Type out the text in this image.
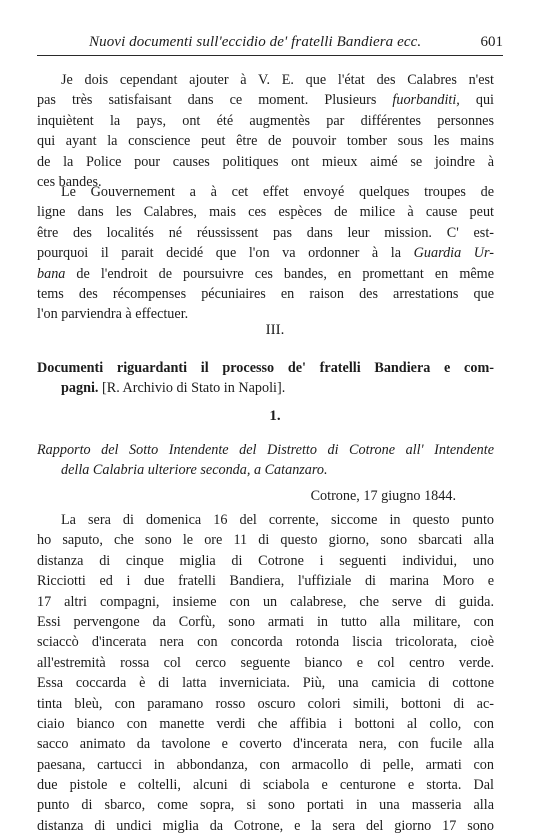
Nuovi documenti sull'eccidio de' fratelli Bandiera ecc.	601
Je dois cependant ajouter à V. E. que l'état des Calabres n'est
pas très satisfaisant dans ce moment. Plusieurs fuorbanditi, qui
inquiètent la pays, ont été augmentès par différentes personnes
qui ayant la conscience peut être de pouvoir tomber sous les mains
de la Police pour causes politiques ont mieux aimé se joindre à
ces bandes.
Le Gouvernement a à cet effet envoyé quelques troupes de
ligne dans les Calabres, mais ces espèces de milice à cause peut
être des localités né réussissent pas dans leur mission. C' est-
pourquoi il parait decidé que l'on va ordonner à la Guardia Ur-
bana de l'endroit de poursuivre ces bandes, en promettant en même
tems des récompenses pécuniaires en raison des arrestations que
l'on parviendra à effectuer.
III.
Documenti riguardanti il processo de' fratelli Bandiera e com-
pagni. [R. Archivio di Stato in Napoli].
1.
Rapporto del Sotto Intendente del Distretto di Cotrone all' Intendente
della Calabria ulteriore seconda, a Catanzaro.
Cotrone, 17 giugno 1844.
La sera di domenica 16 del corrente, siccome in questo punto
ho saputo, che sono le ore 11 di questo giorno, sono sbarcati alla
distanza di cinque miglia di Cotrone i seguenti individui, uno
Ricciotti ed i due fratelli Bandiera, l'uffiziale di marina Moro e
17 altri compagni, insieme con un calabrese, che serve di guida.
Essi pervengone da Corfù, sono armati in tutto alla militare, con
sciaccò d'incerata nera con concorda rotonda liscia tricolorata, cioè
all'estremità rossa col cerco seguente bianco e col centro verde.
Essa coccarda è di latta inverniciata. Più, una camicia di cottone
tinta bleù, con paramano rosso oscuro colori simili, bottoni di ac-
ciaio bianco con manette verdi che affibia i bottoni al collo, con
sacco animato da tavolone e coverto d'incerata nera, con fucile alla
paesana, cartucci in abbondanza, con armacollo di pelle, armati con
due pistole e coltelli, alcuni di sciabola e centurone e storta. Dal
punto di sbarco, come sopra, si sono portati in una masseria alla
distanza di undici miglia da Cotrone, e la sera del giorno 17 sono
